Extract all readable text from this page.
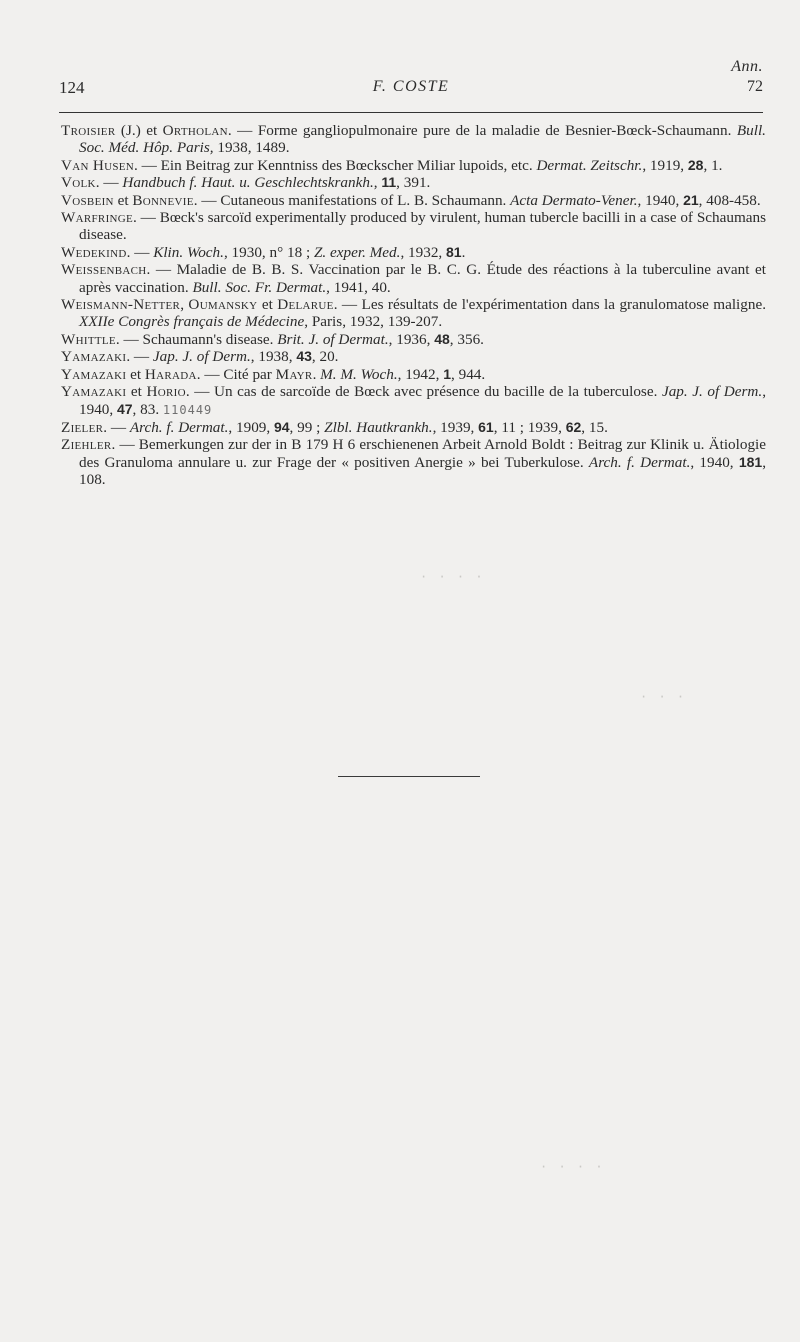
Ann.
124	F. COSTE	72

Troisier (J.) et Ortholan. — Forme gangliopulmonaire pure de la maladie de Besnier-Bœck-Schaumann. Bull. Soc. Méd. Hôp. Paris, 1938, 1489.

Van Husen. — Ein Beitrag zur Kenntniss des Bœckscher Miliar lupoids, etc. Dermat. Zeitschr., 1919, 28, 1.

Volk. — Handbuch f. Haut. u. Geschlechtskrankh., 11, 391.

Vosbein et Bonnevie. — Cutaneous manifestations of L. B. Schaumann. Acta Dermato-Vener., 1940, 21, 408-458.

Warfringe. — Bœck's sarcoïd experimentally produced by virulent, human tubercle bacilli in a case of Schaumans disease.

Wedekind. — Klin. Woch., 1930, n° 18 ; Z. exper. Med., 1932, 81.

Weissenbach. — Maladie de B. B. S. Vaccination par le B. C. G. Étude des réactions à la tuberculine avant et après vaccination. Bull. Soc. Fr. Dermat., 1941, 40.

Weismann-Netter, Oumansky et Delarue. — Les résultats de l'expérimentation dans la granulomatose maligne. XXIIe Congrès français de Médecine, Paris, 1932, 139-207.

Whittle. — Schaumann's disease. Brit. J. of Dermat., 1936, 48, 356.

Yamazaki. — Jap. J. of Derm., 1938, 43, 20.

Yamazaki et Harada. — Cité par Mayr. M. M. Woch., 1942, 1, 944.

Yamazaki et Horio. — Un cas de sarcoïde de Bœck avec présence du bacille de la tuberculose. Jap. J. of Derm., 1940, 47, 83. 110449

Zieler. — Arch. f. Dermat., 1909, 94, 99 ; Zlbl. Hautkrankh., 1939, 61, 11 ; 1939, 62, 15.

Ziehler. — Bemerkungen zur der in B 179 H 6 erschienenen Arbeit Arnold Boldt : Beitrag zur Klinik u. Ätiologie des Granuloma annulare u. zur Frage der « positiven Anergie » bei Tuberkulose. Arch. f. Dermat., 1940, 181, 108.

· · · ·
· · ·
· · · ·
